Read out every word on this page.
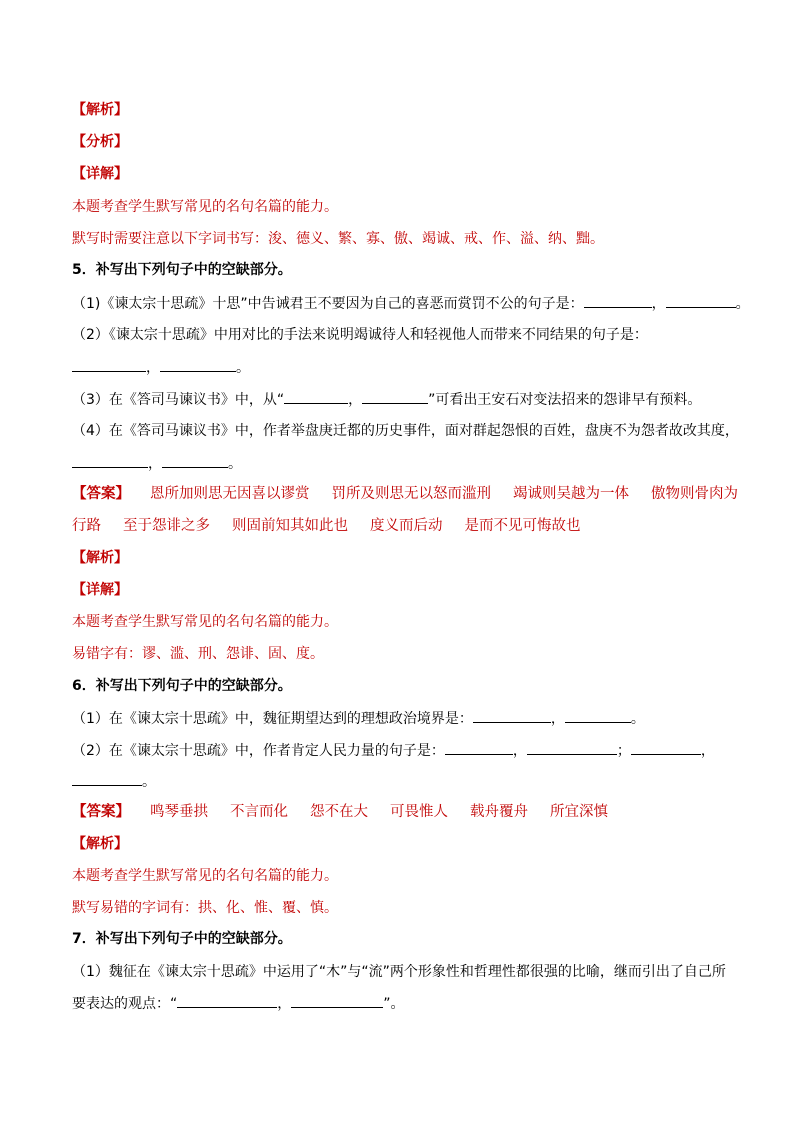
【解析】
【分析】
【详解】
本题考查学生默写常见的名句名篇的能力。
默写时需要注意以下字词书写：浚、德义、繁、寡、傲、竭诚、戒、作、溢、纳、黜。
5．补写出下列句子中的空缺部分。
（1)《谏太宗十思疏》十思”中告诫君王不要因为自己的喜恶而赏罚不公的句子是：	，	。
（2）《谏太宗十思疏》中用对比的手法来说明竭诚待人和轻视他人而带来不同结果的句子是：
，	。
（3）在《答司马谏议书》中，从“	，	”可看出王安石对变法招来的怨诽早有预料。
（4）在《答司马谏议书》中，作者举盘庚迁都的历史事件，面对群起怨恨的百姓，盘庚不为怨者故改其度，
，	。
【答案】 恩所加则思无因喜以谬赏 罚所及则思无以怒而滥刑 竭诚则吴越为一体 傲物则骨肉为
行路 至于怨诽之多 则固前知其如此也 度义而后动 是而不见可悔故也
【解析】
【详解】
本题考查学生默写常见的名句名篇的能力。
易错字有：谬、滥、刑、怨诽、固、度。
6．补写出下列句子中的空缺部分。
（1）在《谏太宗十思疏》中，魏征期望达到的理想政治境界是：	，	。
（2）在《谏太宗十思疏》中，作者肯定人民力量的句子是：	，	；	，
。
【答案】 鸣琴垂拱 不言而化 怨不在大 可畏惟人 载舟覆舟 所宜深慎
【解析】
本题考查学生默写常见的名句名篇的能力。
默写易错的字词有：拱、化、惟、覆、慎。
7．补写出下列句子中的空缺部分。
（1）魏征在《谏太宗十思疏》中运用了“木”与“流”两个形象性和哲理性都很强的比喻，继而引出了自己所
要表达的观点：“	，	”。
